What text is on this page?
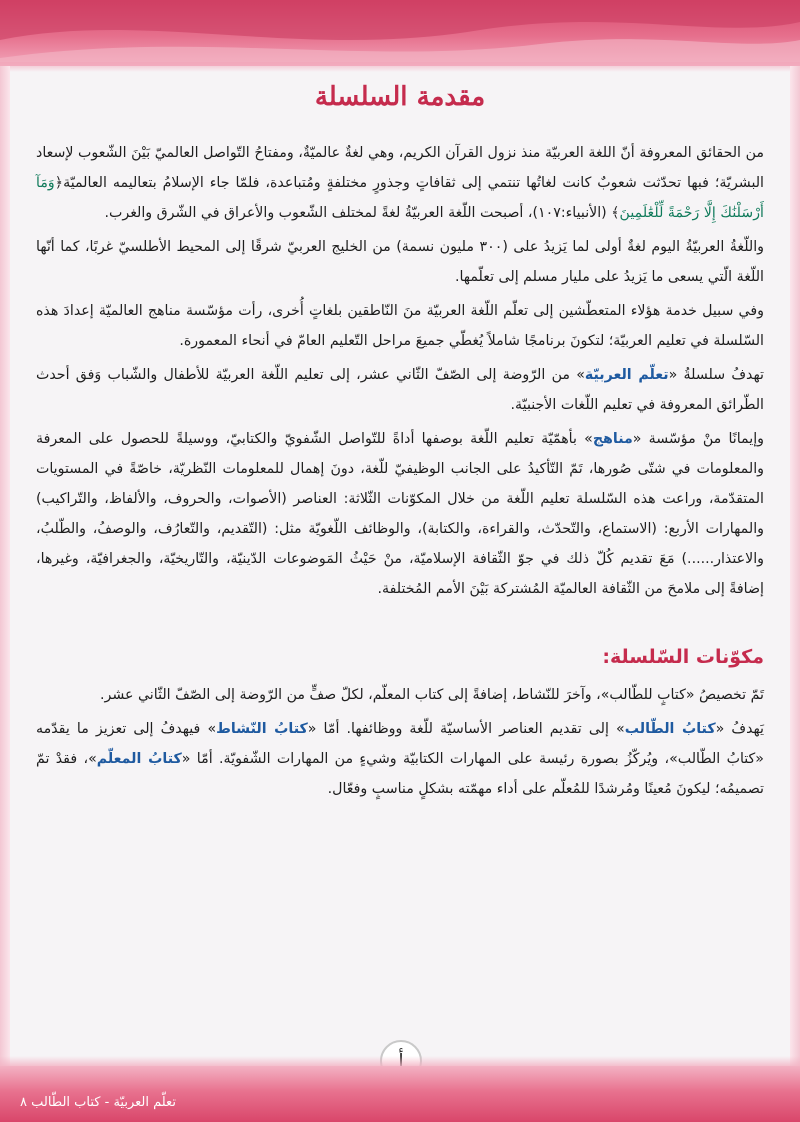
مقدمة السلسلة

من الحقائق المعروفة أنّ اللغة العربيّة منذ نزول القرآن الكريم، وهي لغةٌ عالميّةٌ، ومفتاحُ التّواصل العالميّ بَيْنَ الشّعوب لإسعاد البشريّة؛ فبها تحدّثت شعوبٌ كانت لغاتُها تنتمي إلى ثقافاتٍ وجذورٍ مختلفةٍ ومُتباعدة، فلمّا جاء الإسلامُ بتعاليمه العالميّة﴿وَمَآ أَرْسَلْنَٰكَ إِلَّا رَحْمَةً لِّلْعَٰلَمِينَ﴾ (الأنبياء:١٠٧)، أصبحت اللّغة العربيّةُ لغةً لمختلف الشّعوب والأعراق في الشّرق والغرب.

واللّغةُ العربيّةُ اليوم لغةٌ أولى لما يَزيدُ على (٣٠٠ مليون نسمة) من الخليج العربيّ شرقًا إلى المحيط الأطلسيّ غربًا، كما أنّها اللّغة الّتي يسعى ما يَزيدُ على مليار مسلم إلى تعلّمها.

وفي سبيل خدمة هؤلاء المتعطّشين إلى تعلّم اللّغة العربيّة منَ النّاطقين بلغاتٍ أُخرى، رأت مؤسّسة مناهج العالميّة إعدادَ هذه السّلسلة في تعليم العربيّة؛ لتكونَ برنامجًا شاملاً يُغطّي جميعَ مراحل التّعليم العامّ في أنحاء المعمورة.

تهدفُ سلسلةُ «تعلّم العربيّة» من الرّوضة إلى الصّفّ الثّاني عشر، إلى تعليم اللّغة العربيّة للأطفال والشّباب وَفق أحدث الطّرائق المعروفة في تعليم اللّغات الأجنبيّة.

وإيمانًا منْ مؤسّسة «مناهج» بأهمّيّة تعليم اللّغة بوصفها أداةً للتّواصل الشّفويّ والكتابيّ، ووسيلةً للحصول على المعرفة والمعلومات في شتّى صُورها، تَمّ التّأكيدُ على الجانب الوظيفيّ للّغة، دونَ إهمال للمعلومات النّظريّة، خاصّةً في المستويات المتقدّمة، وراعت هذه السّلسلة تعليم اللّغة من خلال المكوّنات الثّلاثة: العناصر (الأصوات، والحروف، والألفاظ، والتّراكيب) والمهارات الأربع: (الاستماع، والتّحدّث، والقراءة، والكتابة)، والوظائف اللّغويّة مثل: (التّقديم، والتّعارُف، والوصفُ، والطّلبُ، والاعتذار......) مَعَ تقديم كُلّ ذلك في جوّ الثّقافة الإسلاميّة، منْ حَيْثُ المَوضوعات الدّينيّة، والتّاريخيّة، والجغرافيّة، وغيرها، إضافةً إلى ملامحَ من الثّقافة العالميّة المُشتركة بَيْنَ الأمم المُختلفة.

مكوّنات السّلسلة:

تَمّ تخصيصُ «كتابٍ للطّالب»، وآخرَ للنّشاط، إضافةً إلى كتاب المعلّم، لكلّ صفٍّ من الرّوضة إلى الصّفّ الثّاني عشر.

يَهدفُ «كتابُ الطّالب» إلى تقديم العناصر الأساسيّة للّغة ووظائفها. أمّا «كتابُ النّشاط» فيهدفُ إلى تعزيز ما يقدّمه «كتابُ الطّالب»، ويُركّزُ بصورة رئيسة على المهارات الكتابيّة وشيءٍ من المهارات الشّفويّة. أمّا «كتابُ المعلّم»، فقدْ تمّ تصميمُه؛ ليكونَ مُعينًا ومُرشدًا للمُعلّم على أداء مهمّته بشكلٍ مناسبٍ وفعّال.

تعلّم العربيّة - كتاب الطّالب ٨
